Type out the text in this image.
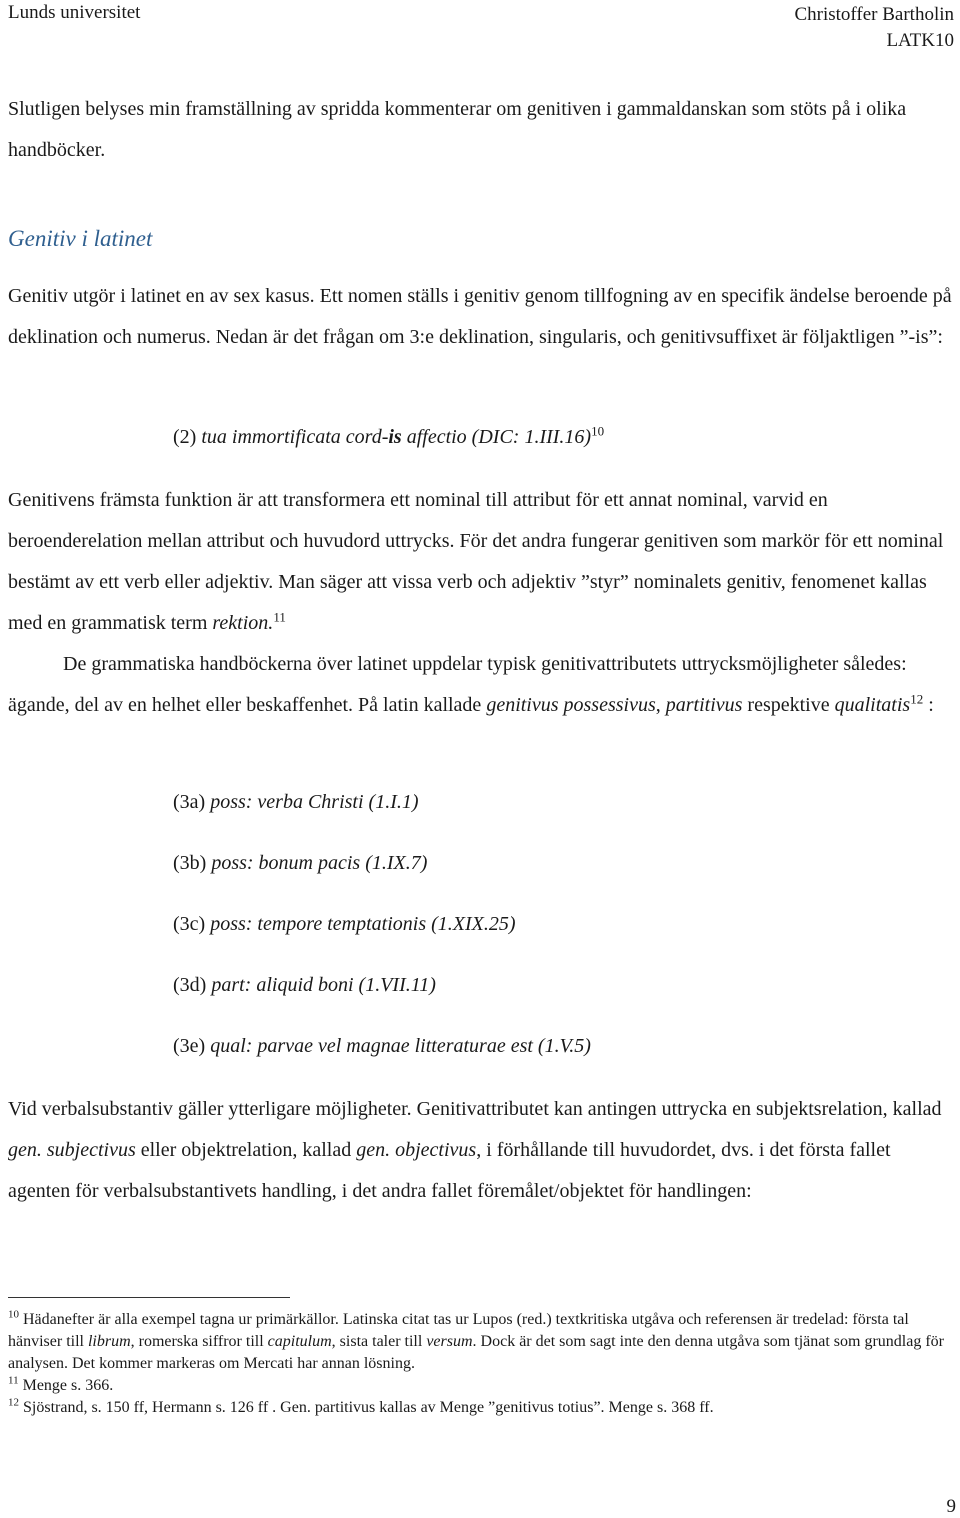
Lunds universitet	Christoffer Bartholin
LATK10

Slutligen belyses min framställning av spridda kommenterar om genitiven i gammaldanskan som stöts på i olika handböcker.

Genitiv i latinet

Genitiv utgör i latinet en av sex kasus. Ett nomen ställs i genitiv genom tillfogning av en specifik ändelse beroende på deklination och numerus. Nedan är det frågan om 3:e deklination, singularis, och genitivsuffixet är följaktligen ”-is”:

(2) tua immortificata cord-is affectio (DIC: 1.III.16)$^{10}$

Genitivens främsta funktion är att transformera ett nominal till attribut för ett annat nominal, varvid en beroenderelation mellan attribut och huvudord uttrycks. För det andra fungerar genitiven som markör för ett nominal bestämt av ett verb eller adjektiv. Man säger att vissa verb och adjektiv ”styr” nominalets genitiv, fenomenet kallas med en grammatisk term rektion.$^{11}$

De grammatiska handböckerna över latinet uppdelar typisk genitivattributets uttrycksmöjligheter således: ägande, del av en helhet eller beskaffenhet. På latin kallade genitivus possessivus, partitivus respektive qualitatis$^{12}$ :

(3a) poss: verba Christi (1.I.1)
(3b) poss: bonum pacis (1.IX.7)
(3c) poss: tempore temptationis (1.XIX.25)
(3d) part: aliquid boni (1.VII.11)
(3e) qual: parvae vel magnae litteraturae est (1.V.5)

Vid verbalsubstantiv gäller ytterligare möjligheter. Genitivattributet kan antingen uttrycka en subjektsrelation, kallad gen. subjectivus eller objektrelation, kallad gen. objectivus, i förhållande till huvudordet, dvs. i det första fallet agenten för verbalsubstantivets handling, i det andra fallet föremålet/objektet för handlingen:

$^{10}$ Hädanefter är alla exempel tagna ur primärkällor. Latinska citat tas ur Lupos (red.) textkritiska utgåva och referensen är tredelad: första tal hänviser till librum, romerska siffror till capitulum, sista taler till versum. Dock är det som sagt inte den denna utgåva som tjänat som grundlag för analysen. Det kommer markeras om Mercati har annan lösning.
$^{11}$ Menge s. 366.
$^{12}$ Sjöstrand, s. 150 ff, Hermann s. 126 ff . Gen. partitivus kallas av Menge ”genitivus totius”. Menge s. 368 ff.
9
